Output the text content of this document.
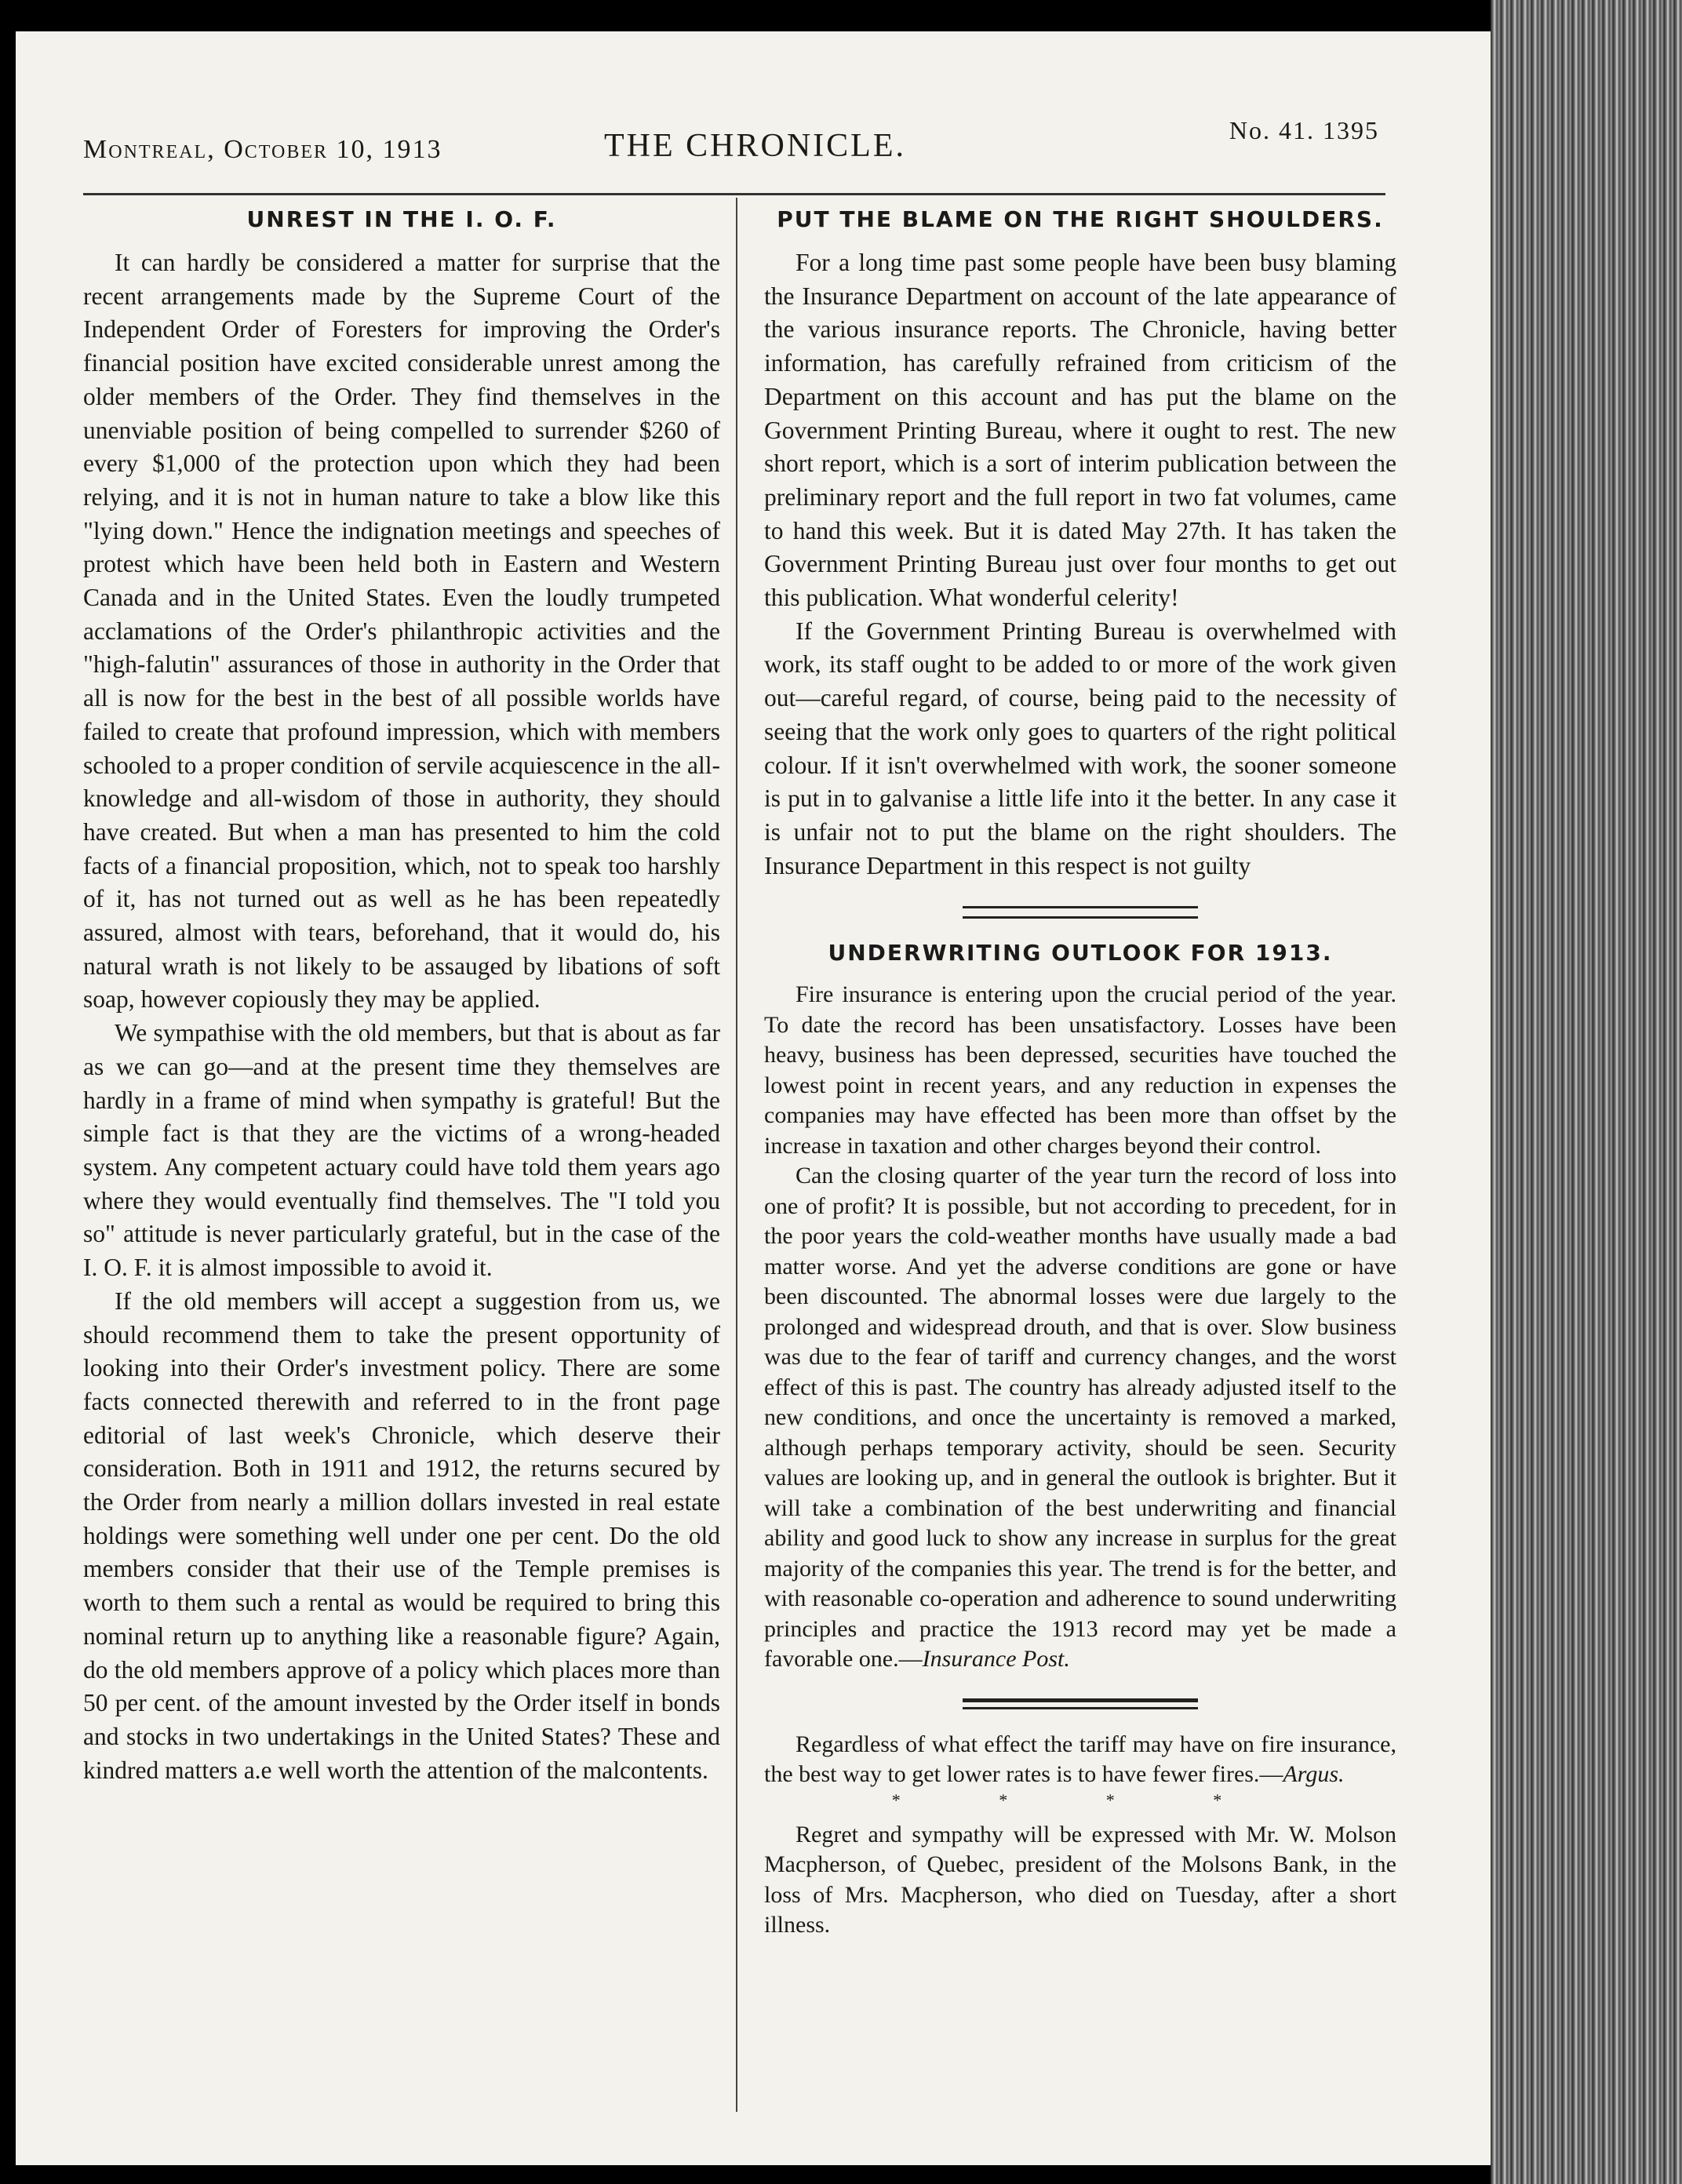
Montreal, October 10, 1913	THE CHRONICLE.	No. 41. 1395
UNREST IN THE I. O. F.

It can hardly be considered a matter for surprise that the recent arrangements made by the Supreme Court of the Independent Order of Foresters for improving the Order's financial position have excited considerable unrest among the older members of the Order. They find themselves in the unenviable position of being compelled to surrender $260 of every $1,000 of the protection upon which they had been relying, and it is not in human nature to take a blow like this "lying down." Hence the indignation meetings and speeches of protest which have been held both in Eastern and Western Canada and in the United States. Even the loudly trumpeted acclamations of the Order's philanthropic activities and the "high-falutin" assurances of those in authority in the Order that all is now for the best in the best of all possible worlds have failed to create that profound impression, which with members schooled to a proper condition of servile acquiescence in the all-knowledge and all-wisdom of those in authority, they should have created. But when a man has presented to him the cold facts of a financial proposition, which, not to speak too harshly of it, has not turned out as well as he has been repeatedly assured, almost with tears, beforehand, that it would do, his natural wrath is not likely to be assauged by libations of soft soap, however copiously they may be applied.

We sympathise with the old members, but that is about as far as we can go—and at the present time they themselves are hardly in a frame of mind when sympathy is grateful! But the simple fact is that they are the victims of a wrong-headed system. Any competent actuary could have told them years ago where they would eventually find themselves. The "I told you so" attitude is never particularly grateful, but in the case of the I. O. F. it is almost impossible to avoid it.

If the old members will accept a suggestion from us, we should recommend them to take the present opportunity of looking into their Order's investment policy. There are some facts connected therewith and referred to in the front page editorial of last week's Chronicle, which deserve their consideration. Both in 1911 and 1912, the returns secured by the Order from nearly a million dollars invested in real estate holdings were something well under one per cent. Do the old members consider that their use of the Temple premises is worth to them such a rental as would be required to bring this nominal return up to anything like a reasonable figure? Again, do the old members approve of a policy which places more than 50 per cent. of the amount invested by the Order itself in bonds and stocks in two undertakings in the United States? These and kindred matters a.e well worth the attention of the malcontents.

PUT THE BLAME ON THE RIGHT SHOULDERS.

For a long time past some people have been busy blaming the Insurance Department on account of the late appearance of the various insurance reports. The Chronicle, having better information, has carefully refrained from criticism of the Department on this account and has put the blame on the Government Printing Bureau, where it ought to rest. The new short report, which is a sort of interim publication between the preliminary report and the full report in two fat volumes, came to hand this week. But it is dated May 27th. It has taken the Government Printing Bureau just over four months to get out this publication. What wonderful celerity!

If the Government Printing Bureau is overwhelmed with work, its staff ought to be added to or more of the work given out—careful regard, of course, being paid to the necessity of seeing that the work only goes to quarters of the right political colour. If it isn't overwhelmed with work, the sooner someone is put in to galvanise a little life into it the better. In any case it is unfair not to put the blame on the right shoulders. The Insurance Department in this respect is not guilty

UNDERWRITING OUTLOOK FOR 1913.

Fire insurance is entering upon the crucial period of the year. To date the record has been unsatisfactory. Losses have been heavy, business has been depressed, securities have touched the lowest point in recent years, and any reduction in expenses the companies may have effected has been more than offset by the increase in taxation and other charges beyond their control.

Can the closing quarter of the year turn the record of loss into one of profit? It is possible, but not according to precedent, for in the poor years the cold-weather months have usually made a bad matter worse. And yet the adverse conditions are gone or have been discounted. The abnormal losses were due largely to the prolonged and widespread drouth, and that is over. Slow business was due to the fear of tariff and currency changes, and the worst effect of this is past. The country has already adjusted itself to the new conditions, and once the uncertainty is removed a marked, although perhaps temporary activity, should be seen. Security values are looking up, and in general the outlook is brighter. But it will take a combination of the best underwriting and financial ability and good luck to show any increase in surplus for the great majority of the companies this year. The trend is for the better, and with reasonable co-operation and adherence to sound underwriting principles and practice the 1913 record may yet be made a favorable one.—Insurance Post.

Regardless of what effect the tariff may have on fire insurance, the best way to get lower rates is to have fewer fires.—Argus.

* * * *

Regret and sympathy will be expressed with Mr. W. Molson Macpherson, of Quebec, president of the Molsons Bank, in the loss of Mrs. Macpherson, who died on Tuesday, after a short illness.
